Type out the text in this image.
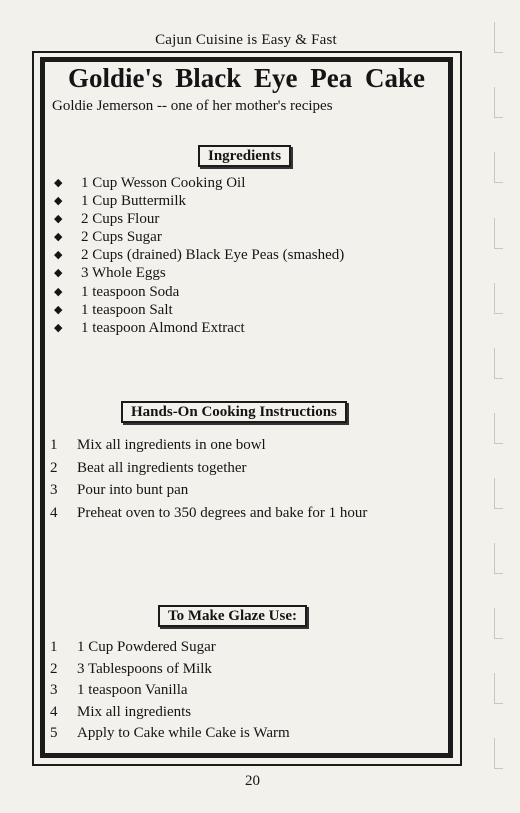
Cajun Cuisine is Easy & Fast
Goldie's Black Eye Pea Cake
Goldie Jemerson -- one of her mother's recipes
Ingredients
◆	1 Cup Wesson Cooking Oil
◆	1 Cup Buttermilk
◆	2 Cups Flour
◆	2 Cups Sugar
◆	2 Cups (drained) Black Eye Peas (smashed)
◆	3 Whole Eggs
◆	1 teaspoon Soda
◆	1 teaspoon Salt
◆	1 teaspoon Almond Extract
Hands-On Cooking Instructions
1	Mix all ingredients in one bowl
2	Beat all ingredients together
3	Pour into bunt pan
4	Preheat oven to 350 degrees and bake for 1 hour
To Make Glaze Use:
1	1 Cup Powdered Sugar
2	3 Tablespoons of Milk
3	1 teaspoon Vanilla
4	Mix all ingredients
5	Apply to Cake while Cake is Warm
20
